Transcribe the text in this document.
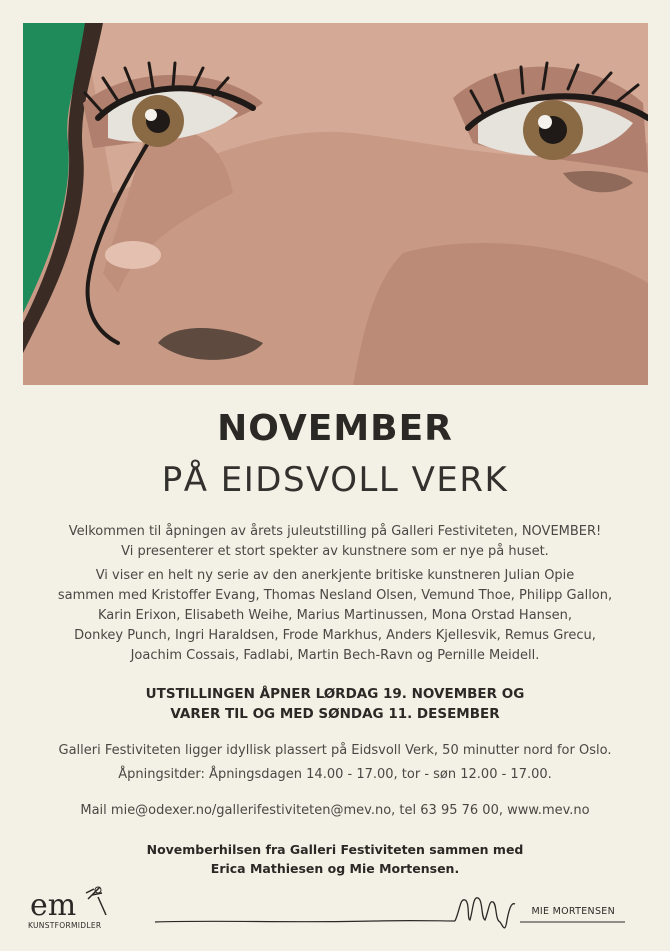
NOVEMBER
PÅ EIDSVOLL VERK
Velkommen til åpningen av årets juleutstilling på Galleri Festiviteten, NOVEMBER!
Vi presenterer et stort spekter av kunstnere som er nye på huset.
Vi viser en helt ny serie av den anerkjente britiske kunstneren Julian Opie
sammen med Kristoffer Evang, Thomas Nesland Olsen, Vemund Thoe, Philipp Gallon,
Karin Erixon, Elisabeth Weihe, Marius Martinussen, Mona Orstad Hansen,
Donkey Punch, Ingri Haraldsen, Frode Markhus, Anders Kjellesvik, Remus Grecu,
Joachim Cossais, Fadlabi, Martin Bech-Ravn og Pernille Meidell.
UTSTILLINGEN ÅPNER LØRDAG 19. NOVEMBER OG
VARER TIL OG MED SØNDAG 11. DESEMBER
Galleri Festiviteten ligger idyllisk plassert på Eidsvoll Verk, 50 minutter nord for Oslo.
Åpningsitder: Åpningsdagen 14.00 - 17.00, tor - søn 12.00 - 17.00.
Mail mie@odexer.no/gallerifestiviteten@mev.no, tel 63 95 76 00, www.mev.no
Novemberhilsen fra Galleri Festiviteten sammen med
Erica Mathiesen og Mie Mortensen.
em
KUNSTFORMIDLER
MIE MORTENSEN
